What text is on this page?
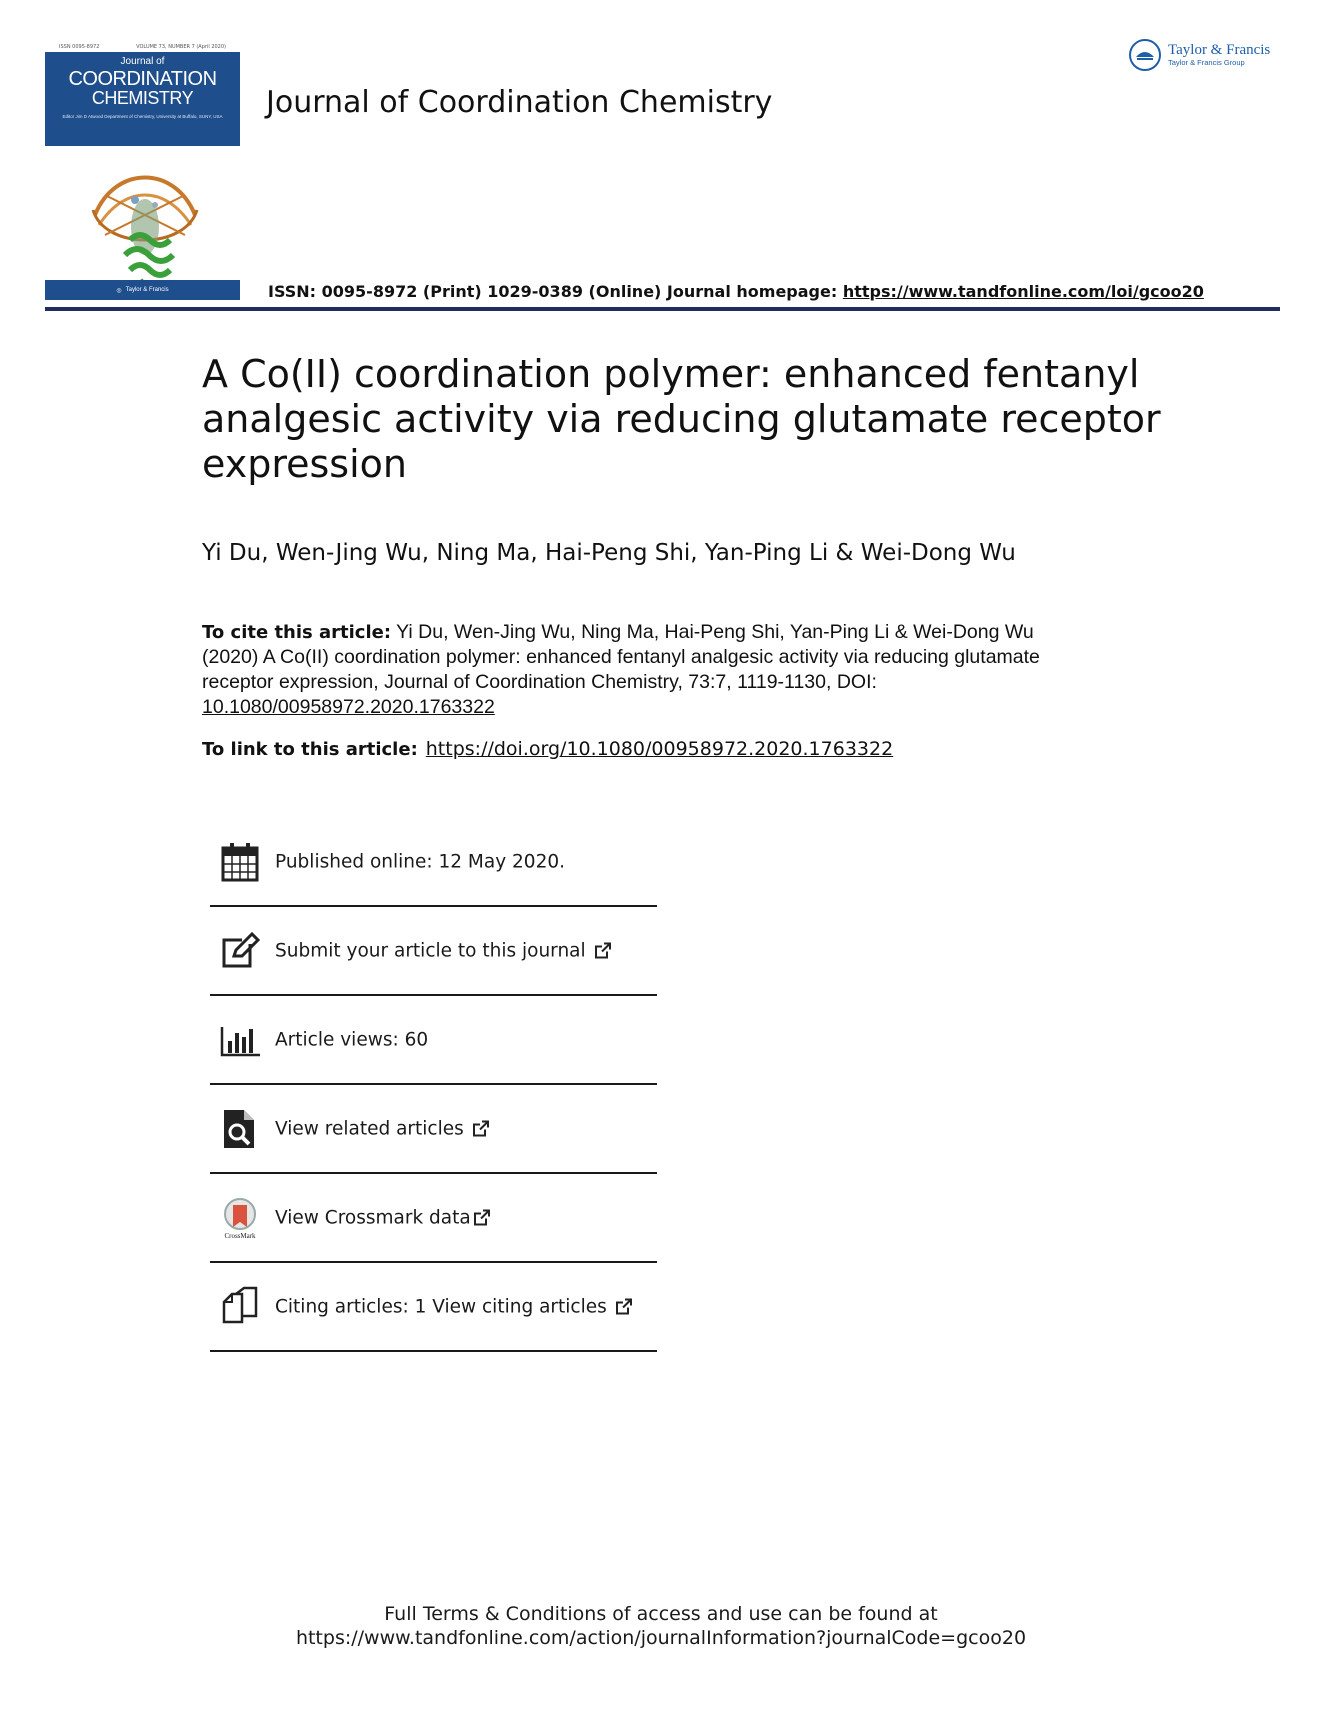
ISSN 0095-8972	VOLUME 73, NUMBER 7 (April 2020)
Journal of
COORDINATION
CHEMISTRY
Editor Jim D Atwood Department of Chemistry, University at Buffalo, SUNY, USA
◎ Taylor & Francis
Journal of Coordination Chemistry
Taylor & Francis
Taylor & Francis Group
ISSN: 0095-8972 (Print) 1029-0389 (Online) Journal homepage: https://www.tandfonline.com/loi/gcoo20
A Co(II) coordination polymer: enhanced fentanyl analgesic activity via reducing glutamate receptor expression
Yi Du, Wen-Jing Wu, Ning Ma, Hai-Peng Shi, Yan-Ping Li & Wei-Dong Wu
To cite this article: Yi Du, Wen-Jing Wu, Ning Ma, Hai-Peng Shi, Yan-Ping Li & Wei-Dong Wu (2020) A Co(II) coordination polymer: enhanced fentanyl analgesic activity via reducing glutamate receptor expression, Journal of Coordination Chemistry, 73:7, 1119-1130, DOI: 10.1080/00958972.2020.1763322
To link to this article: https://doi.org/10.1080/00958972.2020.1763322
Published online: 12 May 2020.
Submit your article to this journal
Article views: 60
View related articles
CrossMark
View Crossmark data
Citing articles: 1 View citing articles
Full Terms & Conditions of access and use can be found at
https://www.tandfonline.com/action/journalInformation?journalCode=gcoo20
